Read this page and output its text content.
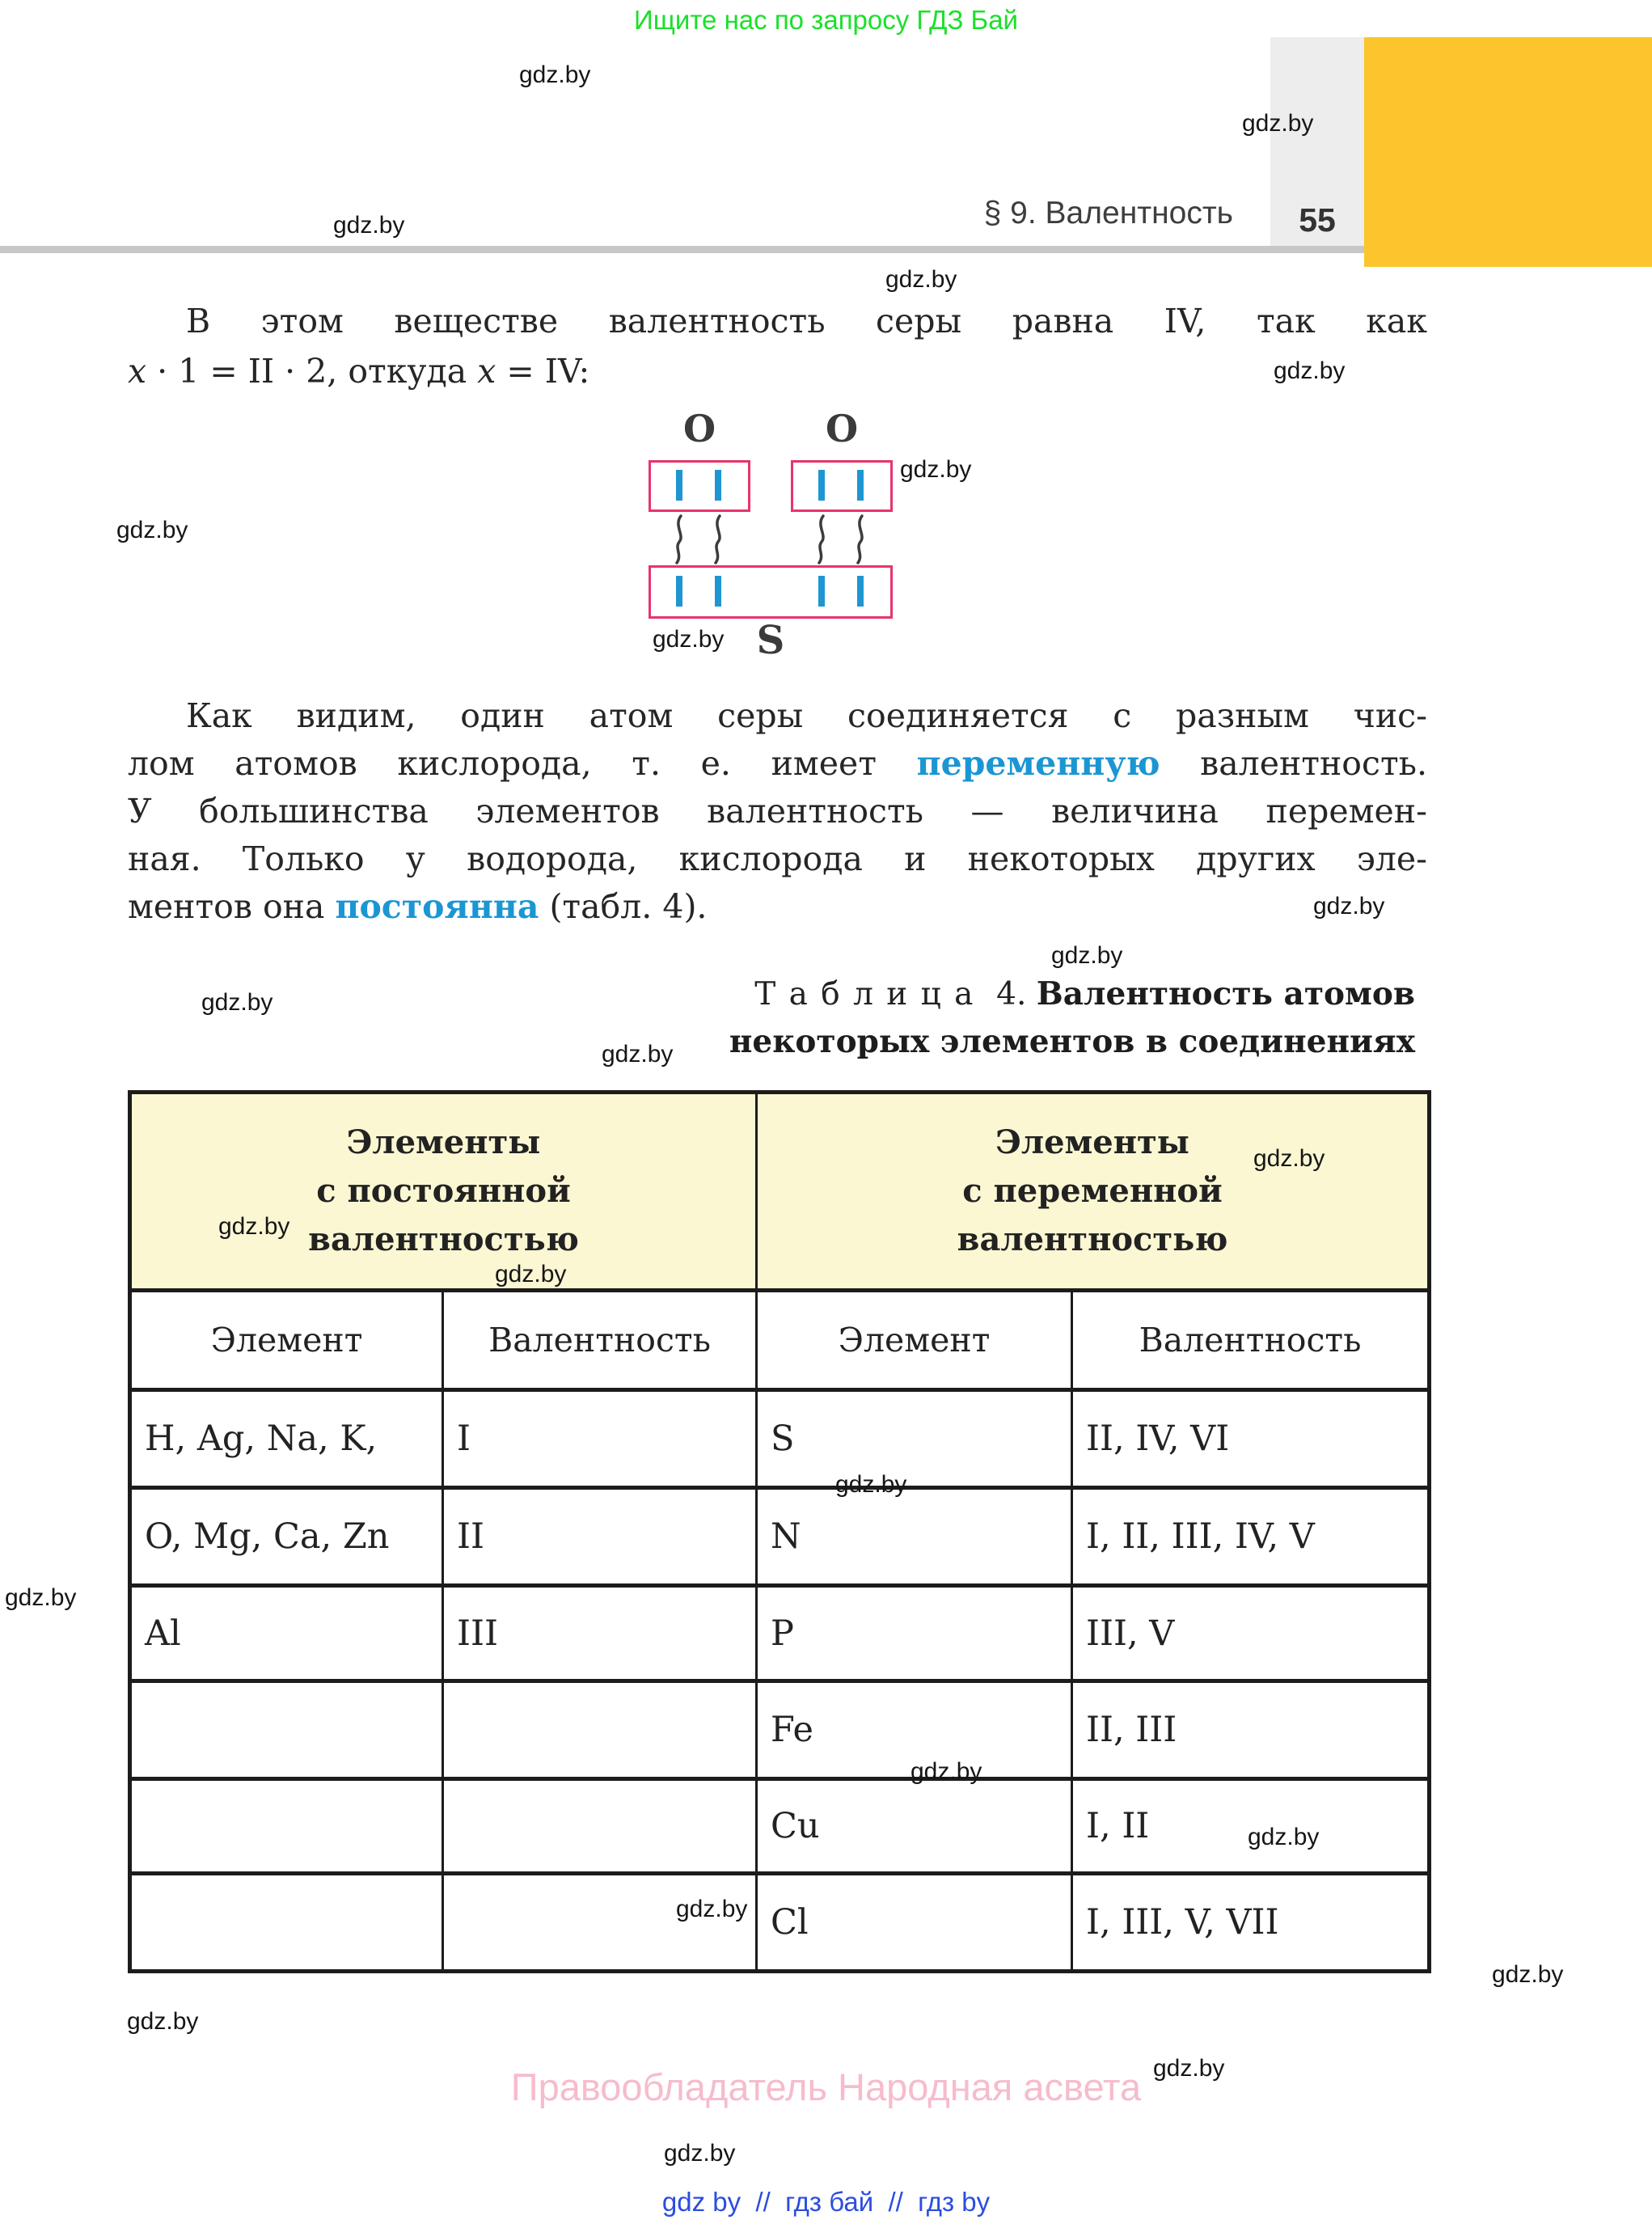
Ищите нас по запросу ГДЗ Бай
55
§ 9. Валентность
В этом веществе валентность серы равна IV, так как
x · 1 = II · 2, откуда x = IV:
O	O
S
Как видим, один атом серы соединяется с разным чис-
лом атомов кислорода, т. е. имеет переменную валентность.
У большинства элементов валентность — величина перемен-
ная. Только у водорода, кислорода и некоторых других эле-
ментов она постоянна (табл. 4).
Таблица 4. Валентность атомов
некоторых элементов в соединениях
Элементы
с постоянной
валентностью

Элементы
с переменной
валентностью

Элемент	Валентность	Элемент	Валентность
H, Ag, Na, K,	I	S	II, IV, VI
O, Mg, Ca, Zn	II	N	I, II, III, IV, V
Al	III	P	III, V
		Fe	II, III
		Cu	I, II
		Cl	I, III, V, VII
gdz.by
gdz.by
gdz.by
gdz.by
gdz.by
gdz.by
gdz.by
gdz.by
gdz.by
gdz.by
gdz.by
gdz.by
gdz.by
gdz.by
gdz.by
gdz.by
gdz.by
gdz.by
gdz.by
gdz.by
gdz.by
gdz.by
gdz.by
gdz.by
Правообладатель Народная асвета
gdz by  //  гдз бай  //  гдз by
